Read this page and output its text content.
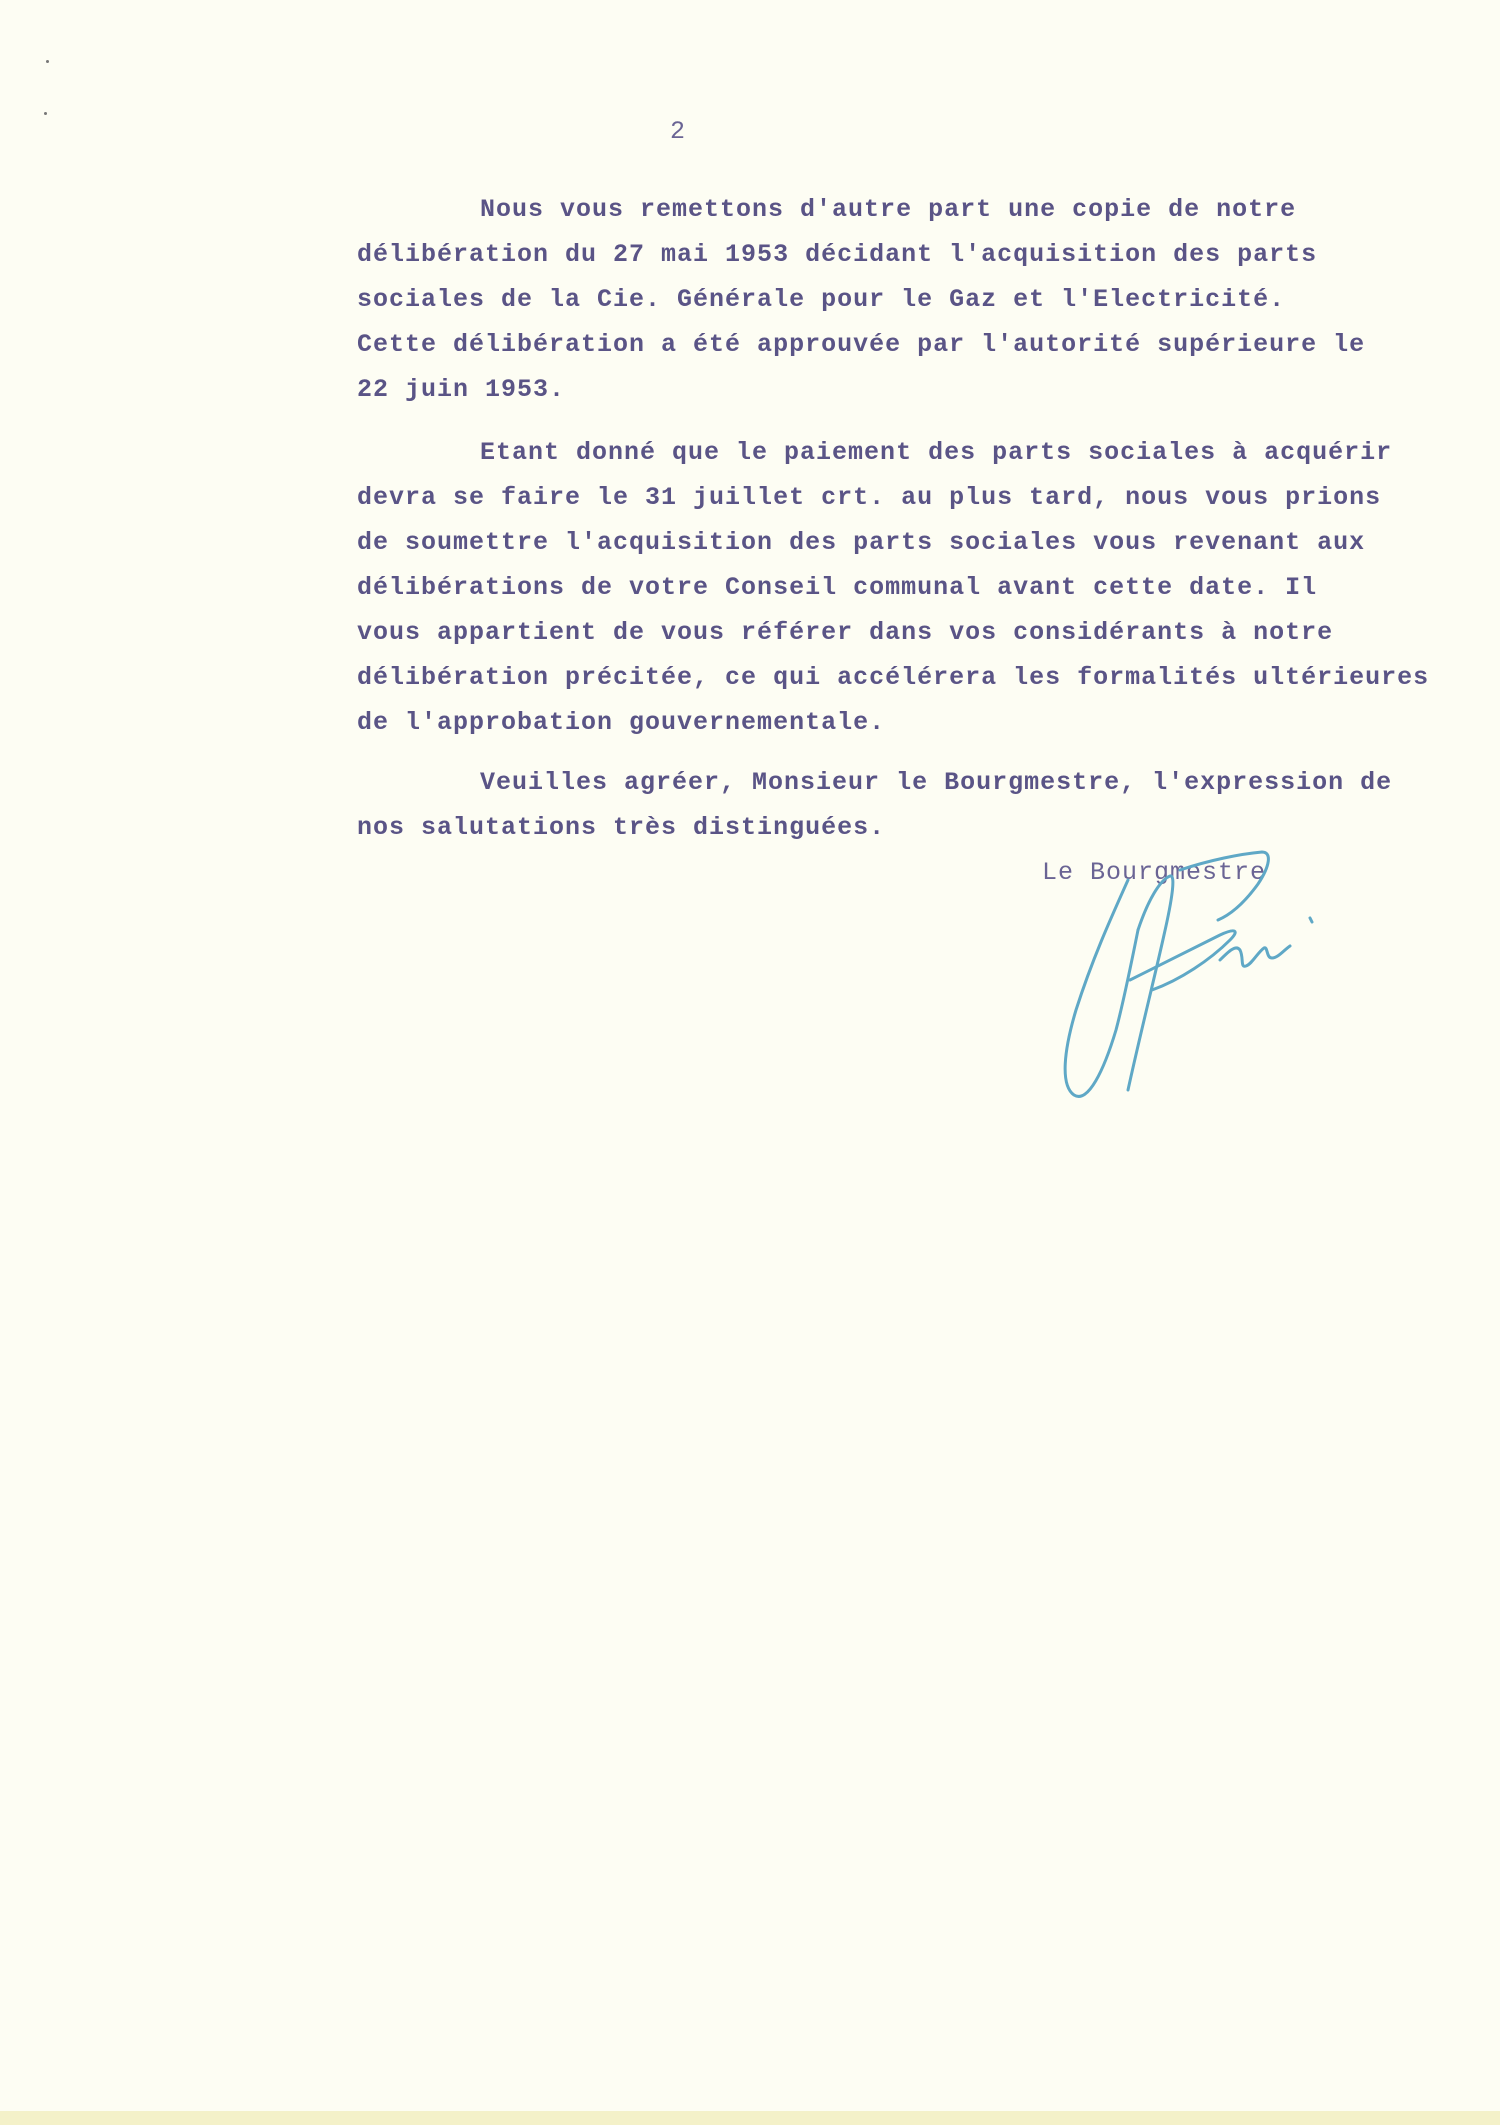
2
Nous vous remettons d'autre part une copie de notre
délibération du 27 mai 1953 décidant l'acquisition des parts
sociales de la Cie. Générale pour le Gaz et l'Electricité.
Cette délibération a été approuvée par l'autorité supérieure le
22 juin 1953.
Etant donné que le paiement des parts sociales à acquérir
devra se faire le 31 juillet crt. au plus tard, nous vous prions
de soumettre l'acquisition des parts sociales vous revenant aux
délibérations de votre Conseil communal avant cette date. Il
vous appartient de vous référer dans vos considérants à notre
délibération précitée, ce qui accélérera les formalités ultérieures
de l'approbation gouvernementale.
Veuilles agréer, Monsieur le Bourgmestre, l'expression de
nos salutations très distinguées.
Le Bourgmestre
